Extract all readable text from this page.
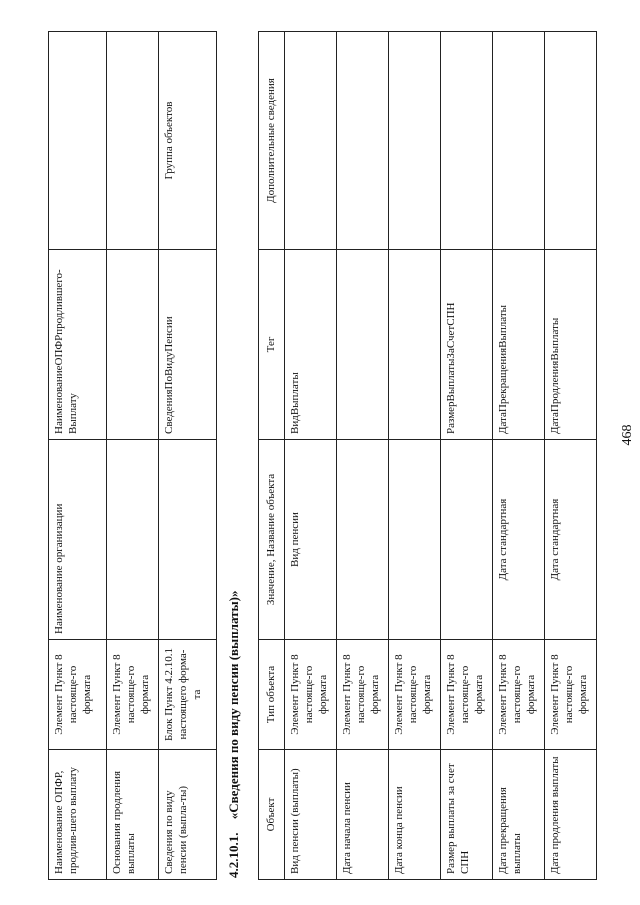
468
Наименование ОПФР, продлив-шего выплату	Элемент Пункт 8 настояще-го формата	Наименование организации	НаименованиеОПФРпродлившего-Выплату	
Основания продления выплаты	Элемент Пункт 8 настояще-го формата			
Сведения по виду пенсии (выпла-ты)	Блок Пункт 4.2.10.1 настоящего форма-та		СведенияПоВидуПенсии	Группа объектов
4.2.10.1. «Сведения по виду пенсии (выплаты)» Объект	Тип объекта	Значение, Название объекта	Тег	Дополнительные сведения
Вид пенсии (выплаты)	Элемент Пункт 8 настояще-го формата	Вид пенсии	ВидВыплаты	
Дата начала пенсии	Элемент Пункт 8 настояще-го формата			
Дата конца пенсии	Элемент Пункт 8 настояще-го формата			
Размер выплаты за счет СПН	Элемент Пункт 8 настояще-го формата		РазмерВыплатыЗаСчетСПН	
Дата прекращения выплаты	Элемент Пункт 8 настояще-го формата	Дата стандартная	ДатаПрекращенияВыплаты	
Дата продления выплаты	Элемент Пункт 8 настояще-го формата	Дата стандартная	ДатаПродленияВыплаты	
